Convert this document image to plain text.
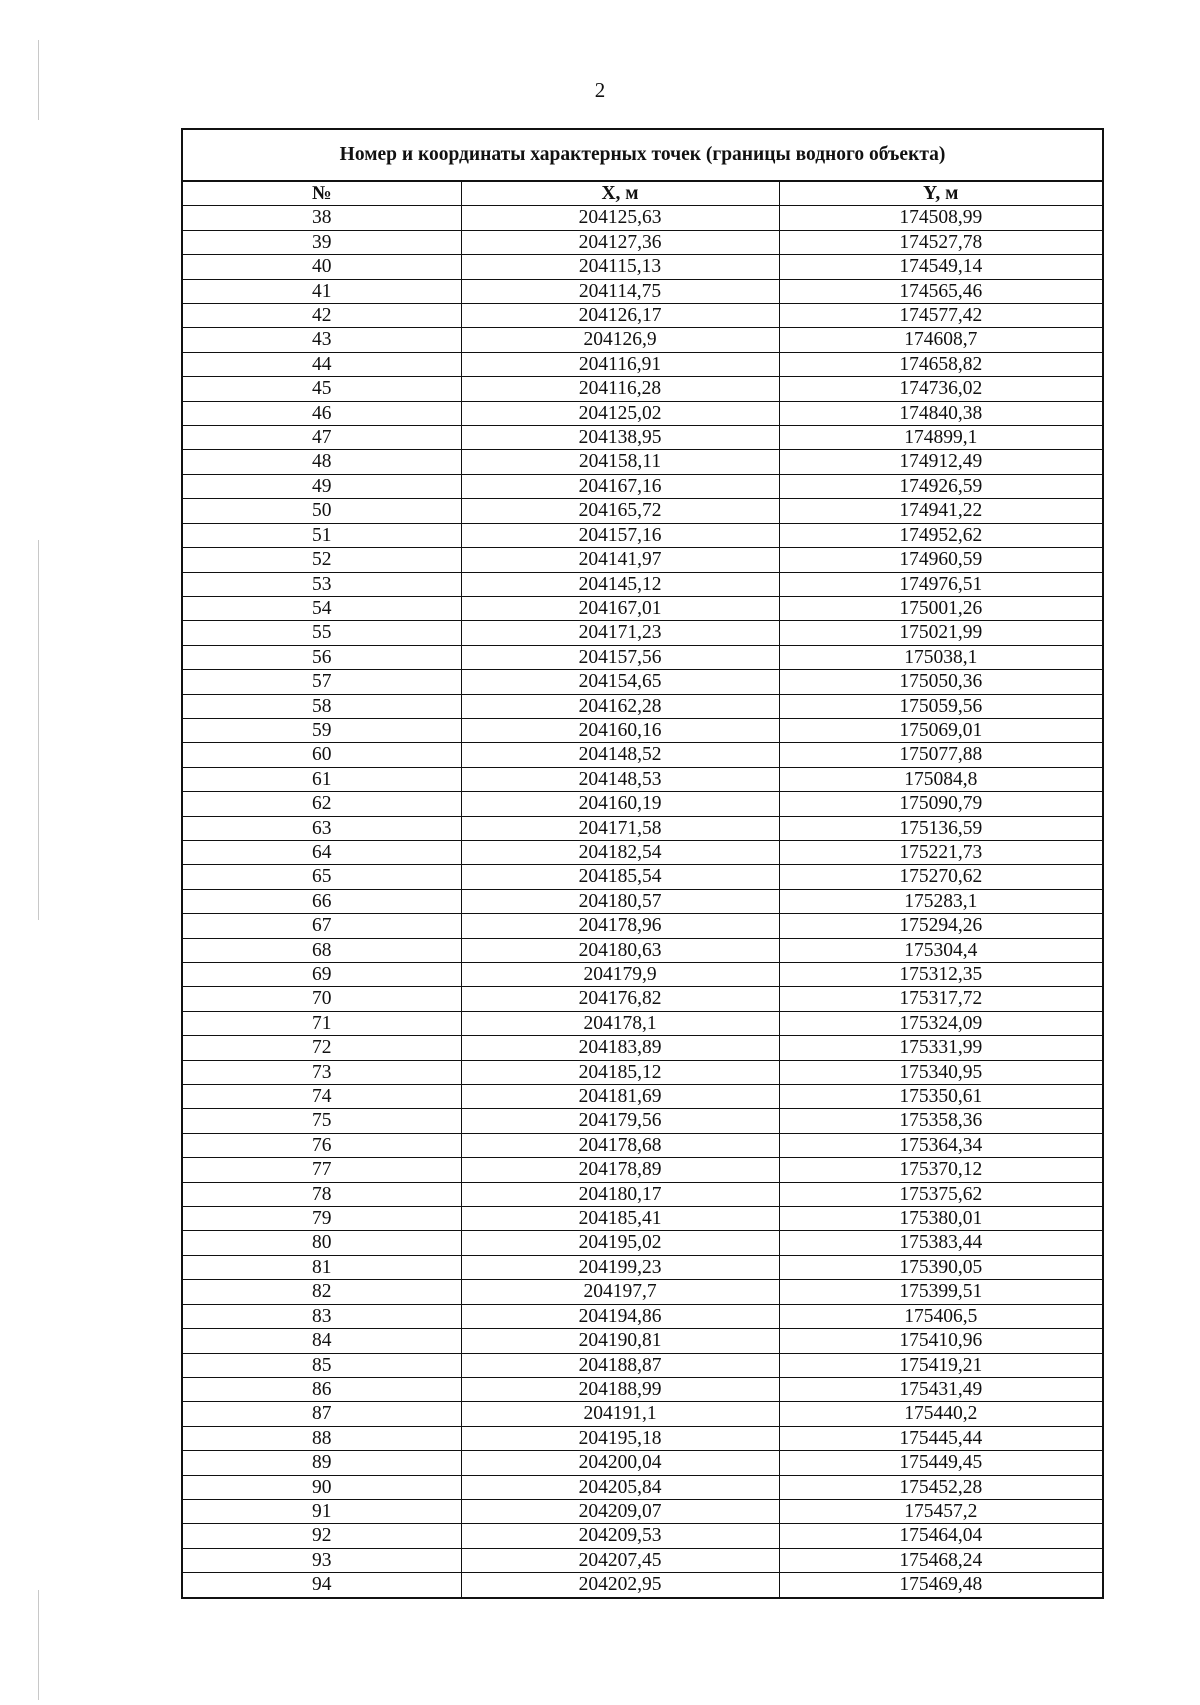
2
Номер и координаты характерных точек (границы водного объекта)		
№	X, м	Y, м
38	204125,63	174508,99
39	204127,36	174527,78
40	204115,13	174549,14
41	204114,75	174565,46
42	204126,17	174577,42
43	204126,9	174608,7
44	204116,91	174658,82
45	204116,28	174736,02
46	204125,02	174840,38
47	204138,95	174899,1
48	204158,11	174912,49
49	204167,16	174926,59
50	204165,72	174941,22
51	204157,16	174952,62
52	204141,97	174960,59
53	204145,12	174976,51
54	204167,01	175001,26
55	204171,23	175021,99
56	204157,56	175038,1
57	204154,65	175050,36
58	204162,28	175059,56
59	204160,16	175069,01
60	204148,52	175077,88
61	204148,53	175084,8
62	204160,19	175090,79
63	204171,58	175136,59
64	204182,54	175221,73
65	204185,54	175270,62
66	204180,57	175283,1
67	204178,96	175294,26
68	204180,63	175304,4
69	204179,9	175312,35
70	204176,82	175317,72
71	204178,1	175324,09
72	204183,89	175331,99
73	204185,12	175340,95
74	204181,69	175350,61
75	204179,56	175358,36
76	204178,68	175364,34
77	204178,89	175370,12
78	204180,17	175375,62
79	204185,41	175380,01
80	204195,02	175383,44
81	204199,23	175390,05
82	204197,7	175399,51
83	204194,86	175406,5
84	204190,81	175410,96
85	204188,87	175419,21
86	204188,99	175431,49
87	204191,1	175440,2
88	204195,18	175445,44
89	204200,04	175449,45
90	204205,84	175452,28
91	204209,07	175457,2
92	204209,53	175464,04
93	204207,45	175468,24
94	204202,95	175469,48
